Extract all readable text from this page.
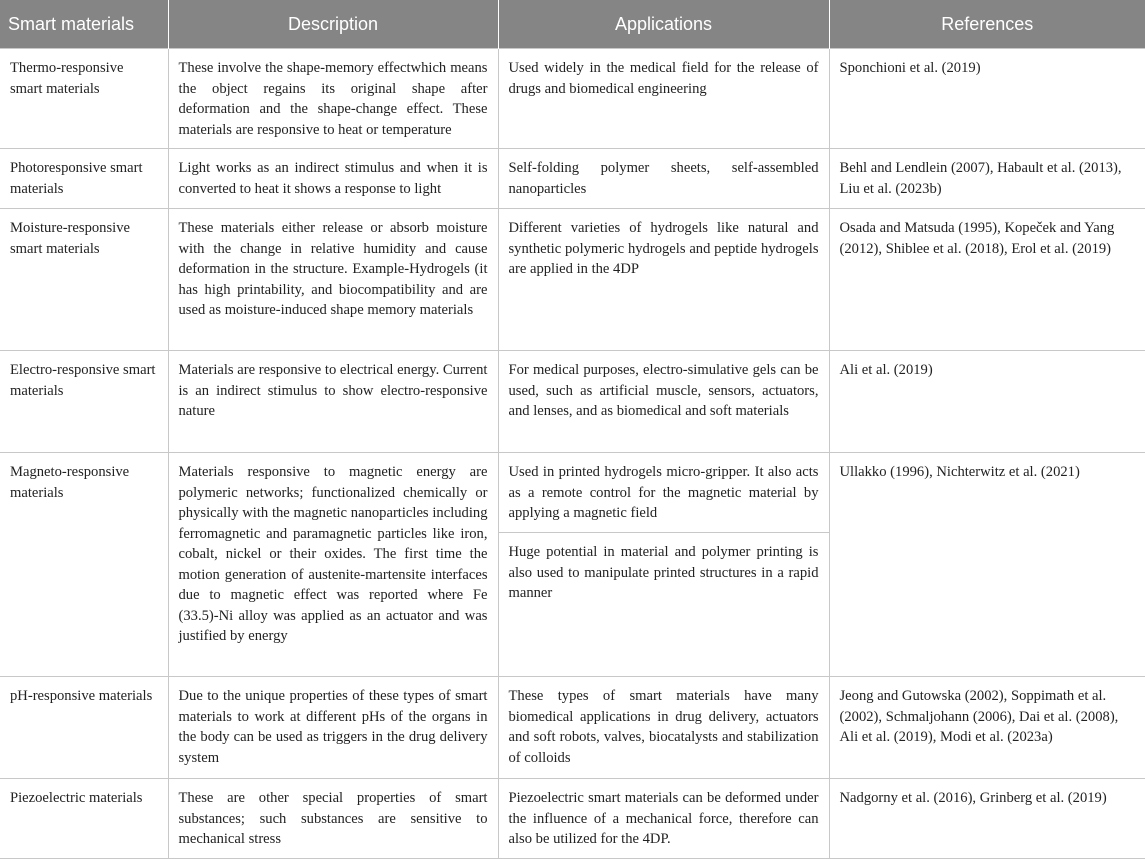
Smart materials	Description	Applications	References
Thermo-responsive smart materials	These involve the shape-memory effectwhich means the object regains its original shape after deformation and the shape-change effect. These materials are responsive to heat or temperature	Used widely in the medical field for the release of drugs and biomedical engineering	Sponchioni et al. (2019)
Photoresponsive smart materials	Light works as an indirect stimulus and when it is converted to heat it shows a response to light	Self-folding polymer sheets, self-assembled nanoparticles	Behl and Lendlein (2007), Habault et al. (2013), Liu et al. (2023b)
Moisture-responsive smart materials	These materials either release or absorb moisture with the change in relative humidity and cause deformation in the structure. Example-Hydrogels (it has high printability, and biocompatibility and are used as moisture-induced shape memory materials	Different varieties of hydrogels like natural and synthetic polymeric hydrogels and peptide hydrogels are applied in the 4DP	Osada and Matsuda (1995), Kopeček and Yang (2012), Shiblee et al. (2018), Erol et al. (2019)
Electro-responsive smart materials	Materials are responsive to electrical energy. Current is an indirect stimulus to show electro-responsive nature	For medical purposes, electro-simulative gels can be used, such as artificial muscle, sensors, actuators, and lenses, and as biomedical and soft materials	Ali et al. (2019)
Magneto-responsive materials	Materials responsive to magnetic energy are polymeric networks; functionalized chemically or physically with the magnetic nanoparticles including ferromagnetic and paramagnetic particles like iron, cobalt, nickel or their oxides. The first time the motion generation of austenite-martensite interfaces due to magnetic effect was reported where Fe (33.5)-Ni alloy was applied as an actuator and was justified by energy	Used in printed hydrogels micro-gripper. It also acts as a remote control for the magnetic material by applying a magnetic field	Ullakko (1996), Nichterwitz et al. (2021)
		Huge potential in material and polymer printing is also used to manipulate printed structures in a rapid manner	
pH-responsive materials	Due to the unique properties of these types of smart materials to work at different pHs of the organs in the body can be used as triggers in the drug delivery system	These types of smart materials have many biomedical applications in drug delivery, actuators and soft robots, valves, biocatalysts and stabilization of colloids	Jeong and Gutowska (2002), Soppimath et al. (2002), Schmaljohann (2006), Dai et al. (2008), Ali et al. (2019), Modi et al. (2023a)
Piezoelectric materials	These are other special properties of smart substances; such substances are sensitive to mechanical stress	Piezoelectric smart materials can be deformed under the influence of a mechanical force, therefore can also be utilized for the 4DP.	Nadgorny et al. (2016), Grinberg et al. (2019)
